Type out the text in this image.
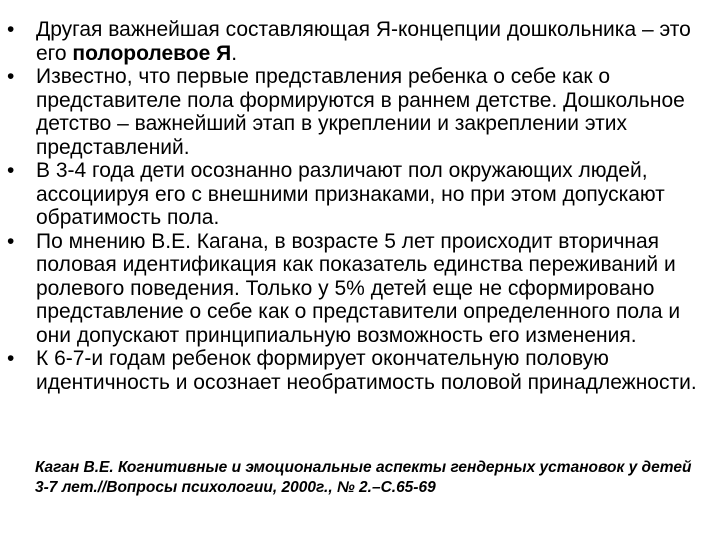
• Другая важнейшая составляющая Я-концепции дошкольника – это его полоролевое Я.
• Известно, что первые представления ребенка о себе как о представителе пола формируются в раннем детстве. Дошкольное детство – важнейший этап в укреплении и закреплении этих представлений.
• В 3-4 года дети осознанно различают пол окружающих людей, ассоциируя его с внешними признаками, но при этом допускают обратимость пола.
• По мнению В.Е. Кагана, в возрасте 5 лет происходит вторичная половая идентификация как показатель единства переживаний и ролевого поведения. Только у 5% детей еще не сформировано представление о себе как о представители определенного пола и они допускают принципиальную возможность его изменения.
• К 6-7-и годам ребенок формирует окончательную половую идентичность и осознает необратимость половой принадлежности.
Каган В.Е. Когнитивные и эмоциональные аспекты гендерных установок у детей 3-7 лет.//Вопросы психологии, 2000г., № 2.–С.65-69
